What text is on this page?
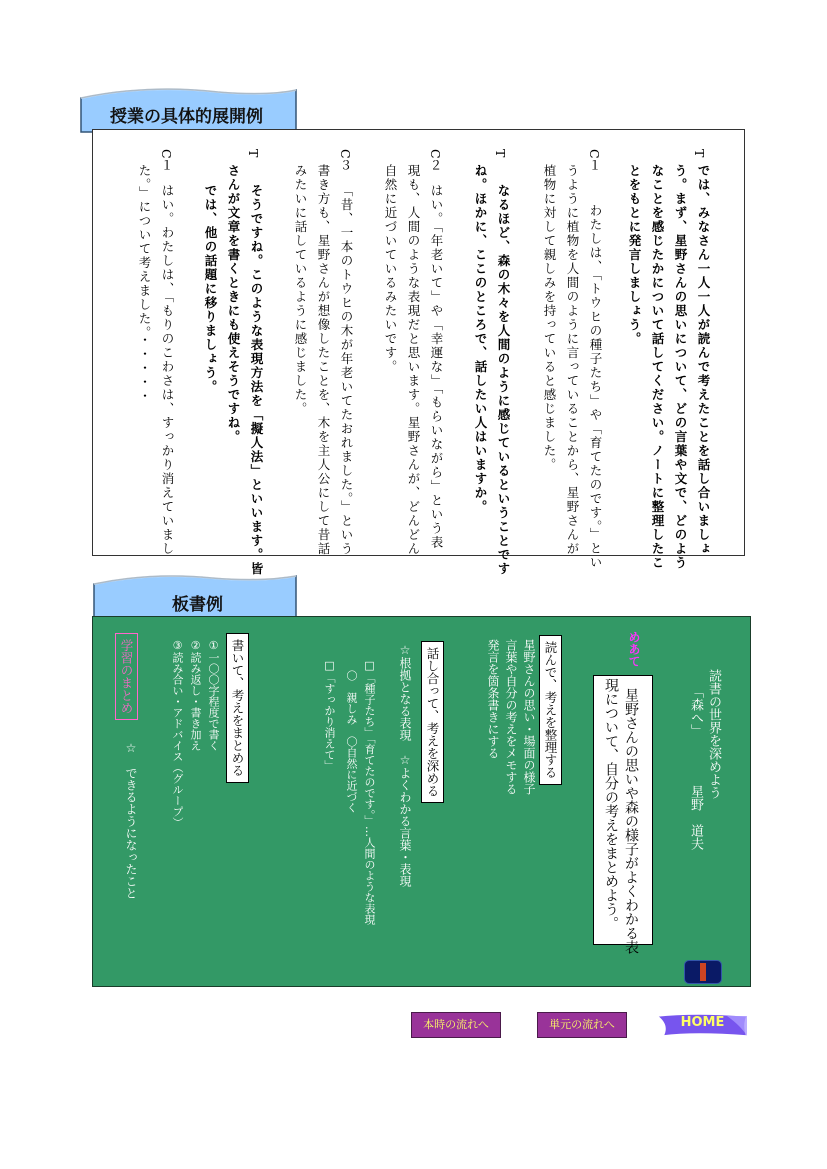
授業の具体的展開例
T
では、みなさん一人一人が読んで考えたことを話し合いましょ
う。まず、星野さんの思いについて、どの言葉や文で、どのよう
なことを感じたかについて話してください。ノートに整理したこ
とをもとに発言しましょう。
C１
わたしは、「トウヒの種子たち」や「育てたのです。」とい
うように植物を人間のように言っていることから、星野さんが
植物に対して親しみを持っていると感じました。
T
なるほど、森の木々を人間のように感じているということです
ね。ほかに、ここのところで、話したい人はいますか。
C２
はい。「年老いて」や「幸運な」「もらいながら」という表
現も、人間のような表現だと思います。星野さんが、どんどん
自然に近づいているみたいです。
C３
「昔、一本のトウヒの木が年老いてたおれました。」という
書き方も、星野さんが想像したことを、木を主人公にして昔話
みたいに話しているように感じました。
T
そうですね。このような表現方法を「擬人法」といいます。皆
さんが文章を書くときにも使えそうですね。
では、他の話題に移りましょう。
C１
はい。わたしは、「もりのこわさは、すっかり消えていまし
た。」について考えました。・・・・・
板書例
読書の世界を深めよう
「森へ」
星野　道夫
めあて
星野さんの思いや森の様子がよくわかる表
現について、自分の考えをまとめよう。
読んで、考えを整理する
星野さんの思い・場面の様子
言葉や自分の考えをメモする
発言を箇条書きにする
話し合って、考えを深める
☆根拠となる表現　☆よくわかる言葉・表現
□「種子たち」「育てたのです。」…人間のような表現
　〇　親しみ　〇自然に近づく
□「すっかり消えて」
書いて、考えをまとめる
①一〇〇字程度で書く
②読み返し・書き加え
③読み合い・アドバイス（グループ）
学習のまとめ
☆　できるようになったこと
本時の流れへ	単元の流れへ	HOME
